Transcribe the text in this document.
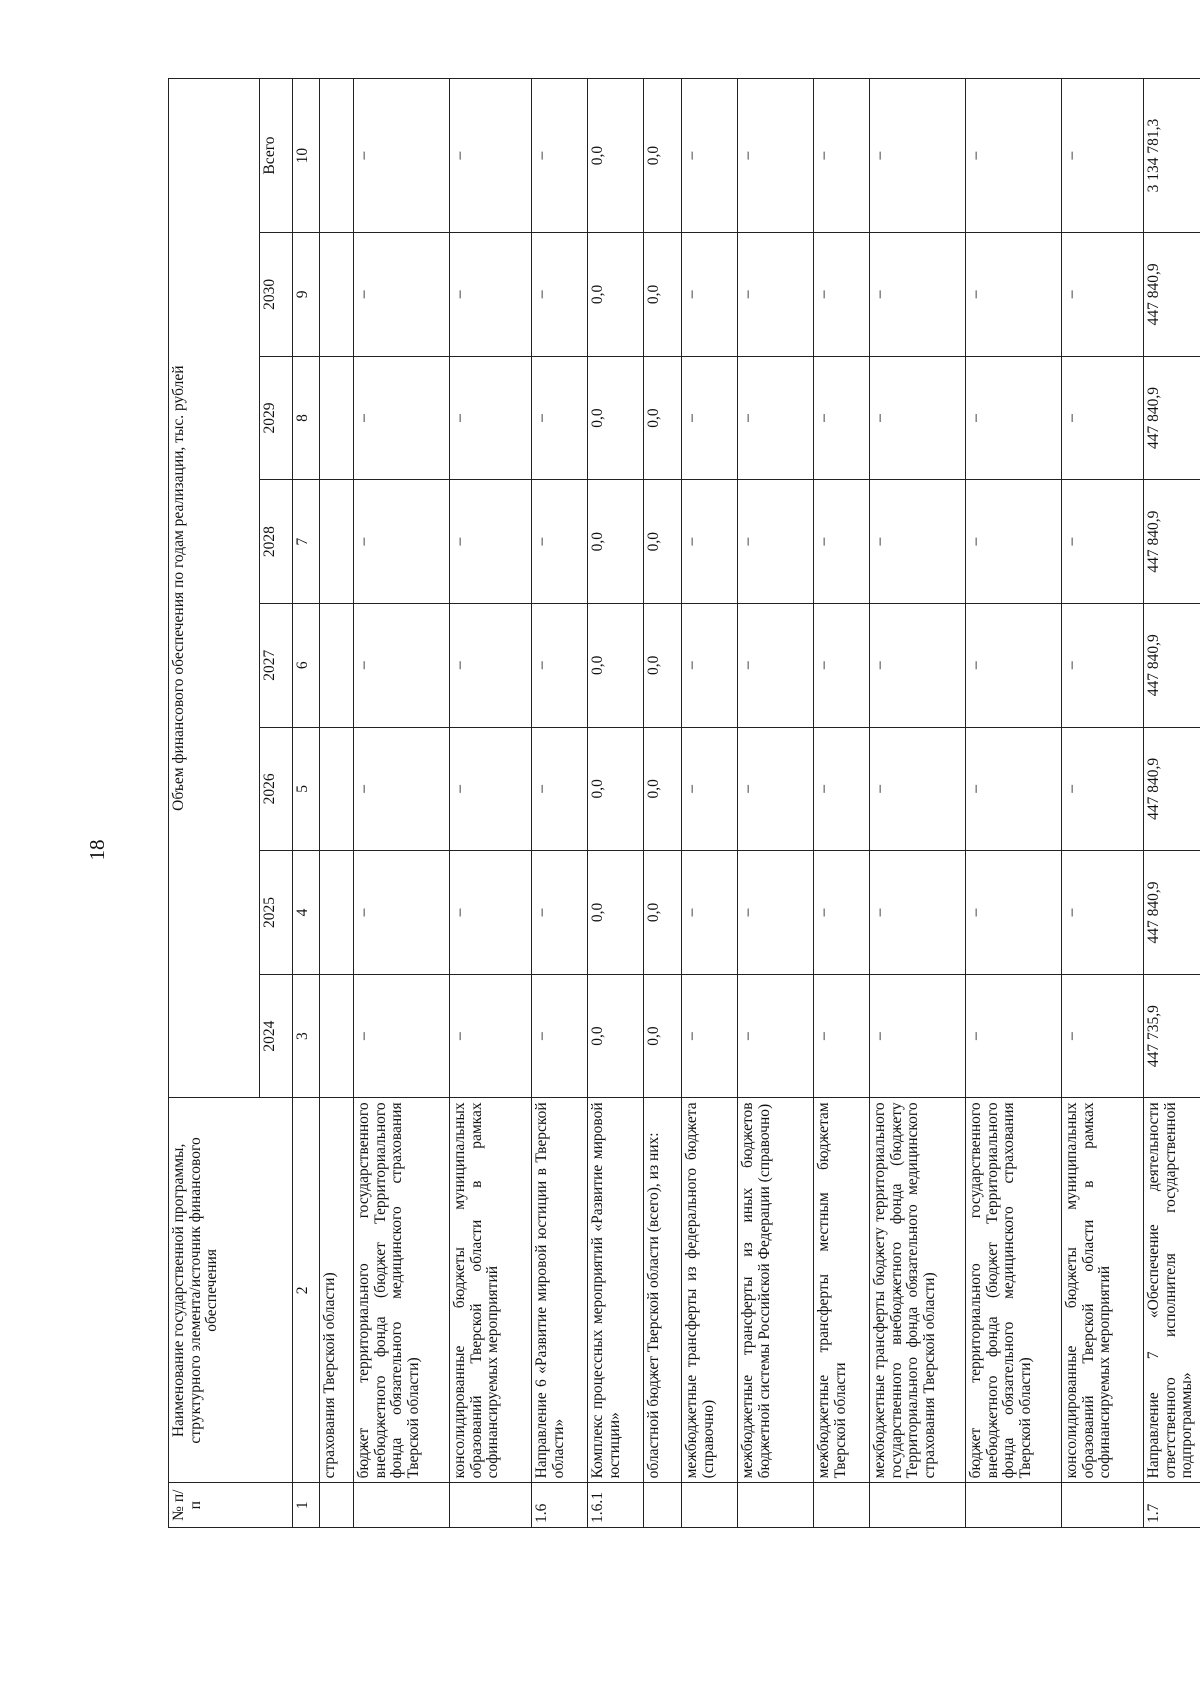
18
№ п/п	Наименование государственной программы, структурного элемента/источник финансового обеспечения	Объем финансового обеспечения по годам реализации, тыс. рублей							
		2024	2025	2026	2027	2028	2029	2030	Всего
1	2	3	4	5	6	7	8	9	10
	страхования Тверской области)								
	бюджет территориального государственного внебюджетного фонда (бюджет Территориального фонда обязательного медицинского страхования Тверской области)	–	–	–	–	–	–	–	–
	консолидированные бюджеты муниципальных образований Тверской области в рамках софинансируемых мероприятий	–	–	–	–	–	–	–	–
1.6	Направление 6 «Развитие мировой юстиции в Тверской области»	–	–	–	–	–	–	–	–
1.6.1	Комплекс процессных мероприятий «Развитие мировой юстиции»	0,0	0,0	0,0	0,0	0,0	0,0	0,0	0,0
	областной бюджет Тверской области (всего), из них:	0,0	0,0	0,0	0,0	0,0	0,0	0,0	0,0
	межбюджетные трансферты из федерального бюджета (справочно)	–	–	–	–	–	–	–	–
	межбюджетные трансферты из иных бюджетов бюджетной системы Российской Федерации (справочно)	–	–	–	–	–	–	–	–
	межбюджетные трансферты местным бюджетам Тверской области	–	–	–	–	–	–	–	–
	межбюджетные трансферты бюджету территориального государственного внебюджетного фонда (бюджету Территориального фонда обязательного медицинского страхования Тверской области)	–	–	–	–	–	–	–	–
	бюджет территориального государственного внебюджетного фонда (бюджет Территориального фонда обязательного медицинского страхования Тверской области)	–	–	–	–	–	–	–	–
	консолидированные бюджеты муниципальных образований Тверской области в рамках софинансируемых мероприятий	–	–	–	–	–	–	–	–
1.7	Направление 7 «Обеспечение деятельности ответственного исполнителя государственной подпрограммы»	447 735,9	447 840,9	447 840,9	447 840,9	447 840,9	447 840,9	447 840,9	3 134 781,3
